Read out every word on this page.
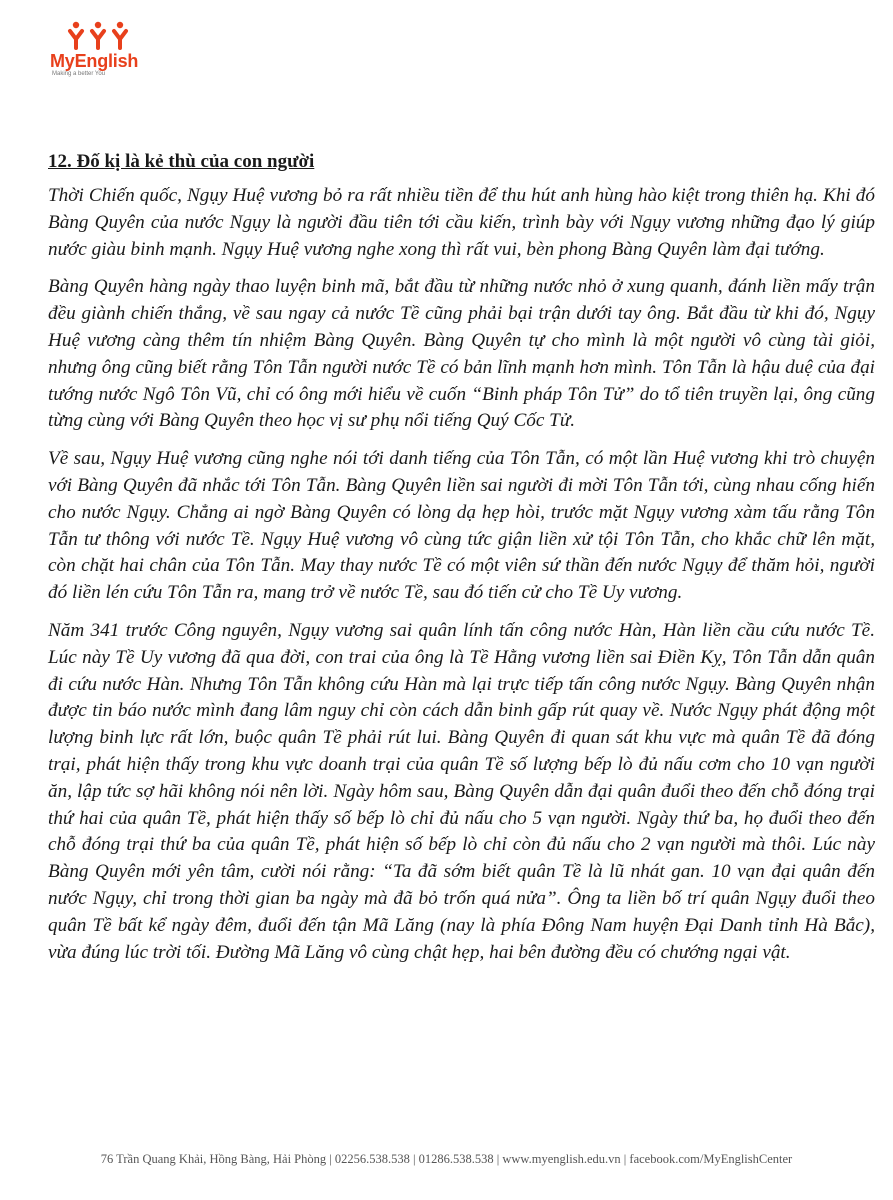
MyEnglish
Making a better You
12. Đố kị là kẻ thù của con người

Thời Chiến quốc, Ngụy Huệ vương bỏ ra rất nhiều tiền để thu hút anh hùng hào kiệt trong thiên hạ. Khi đó Bàng Quyên của nước Ngụy là người đầu tiên tới cầu kiến, trình bày với Ngụy vương những đạo lý giúp nước giàu binh mạnh. Ngụy Huệ vương nghe xong thì rất vui, bèn phong Bàng Quyên làm đại tướng.

Bàng Quyên hàng ngày thao luyện binh mã, bắt đầu từ những nước nhỏ ở xung quanh, đánh liền mấy trận đều giành chiến thắng, về sau ngay cả nước Tề cũng phải bại trận dưới tay ông. Bắt đầu từ khi đó, Ngụy Huệ vương càng thêm tín nhiệm Bàng Quyên. Bàng Quyên tự cho mình là một người vô cùng tài giỏi, nhưng ông cũng biết rằng Tôn Tẫn người nước Tề có bản lĩnh mạnh hơn mình. Tôn Tẫn là hậu duệ của đại tướng nước Ngô Tôn Vũ, chỉ có ông mới hiểu về cuốn “Binh pháp Tôn Tử” do tổ tiên truyền lại, ông cũng từng cùng với Bàng Quyên theo học vị sư phụ nổi tiếng Quý Cốc Tử.

Về sau, Ngụy Huệ vương cũng nghe nói tới danh tiếng của Tôn Tẫn, có một lần Huệ vương khi trò chuyện với Bàng Quyên đã nhắc tới Tôn Tẫn. Bàng Quyên liền sai người đi mời Tôn Tẫn tới, cùng nhau cống hiến cho nước Ngụy. Chẳng ai ngờ Bàng Quyên có lòng dạ hẹp hòi, trước mặt Ngụy vương xàm tấu rằng Tôn Tẫn tư thông với nước Tề. Ngụy Huệ vương vô cùng tức giận liền xử tội Tôn Tẫn, cho khắc chữ lên mặt, còn chặt hai chân của Tôn Tẫn. May thay nước Tề có một viên sứ thần đến nước Ngụy để thăm hỏi, người đó liền lén cứu Tôn Tẫn ra, mang trở về nước Tề, sau đó tiến cử cho Tề Uy vương.

Năm 341 trước Công nguyên, Ngụy vương sai quân lính tấn công nước Hàn, Hàn liền cầu cứu nước Tề. Lúc này Tề Uy vương đã qua đời, con trai của ông là Tề Hằng vương liền sai Điền Kỵ, Tôn Tẫn dẫn quân đi cứu nước Hàn. Nhưng Tôn Tẫn không cứu Hàn mà lại trực tiếp tấn công nước Ngụy. Bàng Quyên nhận được tin báo nước mình đang lâm nguy chỉ còn cách dẫn binh gấp rút quay về. Nước Ngụy phát động một lượng binh lực rất lớn, buộc quân Tề phải rút lui. Bàng Quyên đi quan sát khu vực mà quân Tề đã đóng trại, phát hiện thấy trong khu vực doanh trại của quân Tề số lượng bếp lò đủ nấu cơm cho 10 vạn người ăn, lập tức sợ hãi không nói nên lời. Ngày hôm sau, Bàng Quyên dẫn đại quân đuổi theo đến chỗ đóng trại thứ hai của quân Tề, phát hiện thấy số bếp lò chỉ đủ nấu cho 5 vạn người. Ngày thứ ba, họ đuổi theo đến chỗ đóng trại thứ ba của quân Tề, phát hiện số bếp lò chỉ còn đủ nấu cho 2 vạn người mà thôi. Lúc này Bàng Quyên mới yên tâm, cười nói rằng: “Ta đã sớm biết quân Tề là lũ nhát gan. 10 vạn đại quân đến nước Ngụy, chỉ trong thời gian ba ngày mà đã bỏ trốn quá nửa”. Ông ta liền bố trí quân Ngụy đuổi theo quân Tề bất kể ngày đêm, đuổi đến tận Mã Lăng (nay là phía Đông Nam huyện Đại Danh tỉnh Hà Bắc), vừa đúng lúc trời tối. Đường Mã Lăng vô cùng chật hẹp, hai bên đường đều có chướng ngại vật.

76 Trần Quang Khải, Hồng Bàng, Hải Phòng | 02256.538.538 | 01286.538.538 | www.myenglish.edu.vn | facebook.com/MyEnglishCenter
